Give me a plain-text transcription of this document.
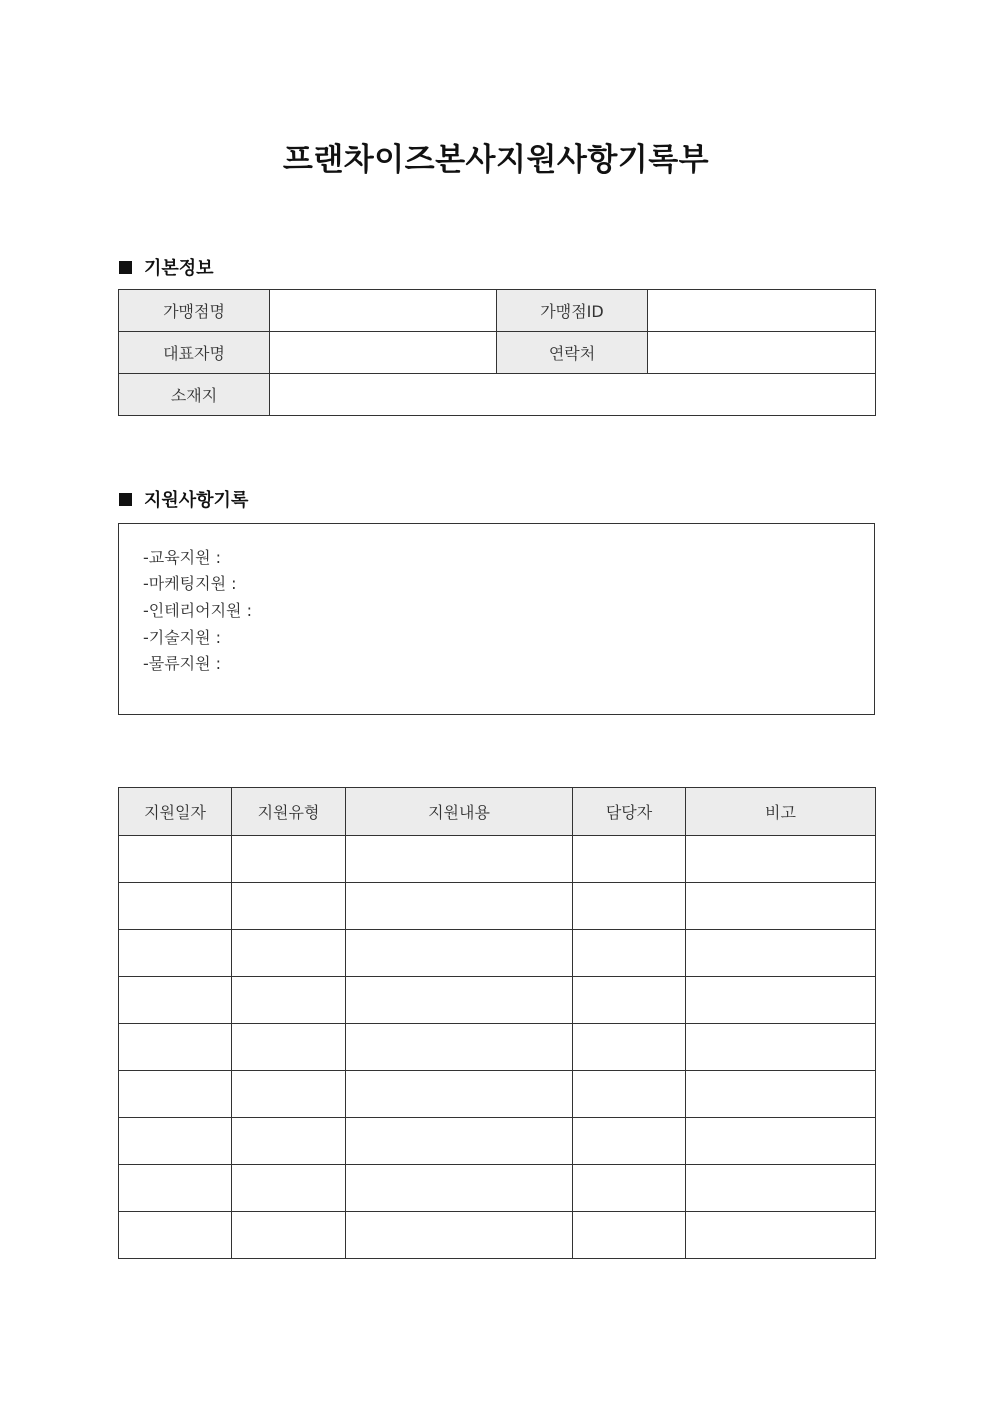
프랜차이즈본사지원사항기록부
기본정보
가맹점명		가맹점ID	
대표자명		연락처	
소재지			
지원사항기록
-교육지원 :
-마케팅지원 :
-인테리어지원 :
-기술지원 :
-물류지원 :
지원일자	지원유형	지원내용	담당자	비고
